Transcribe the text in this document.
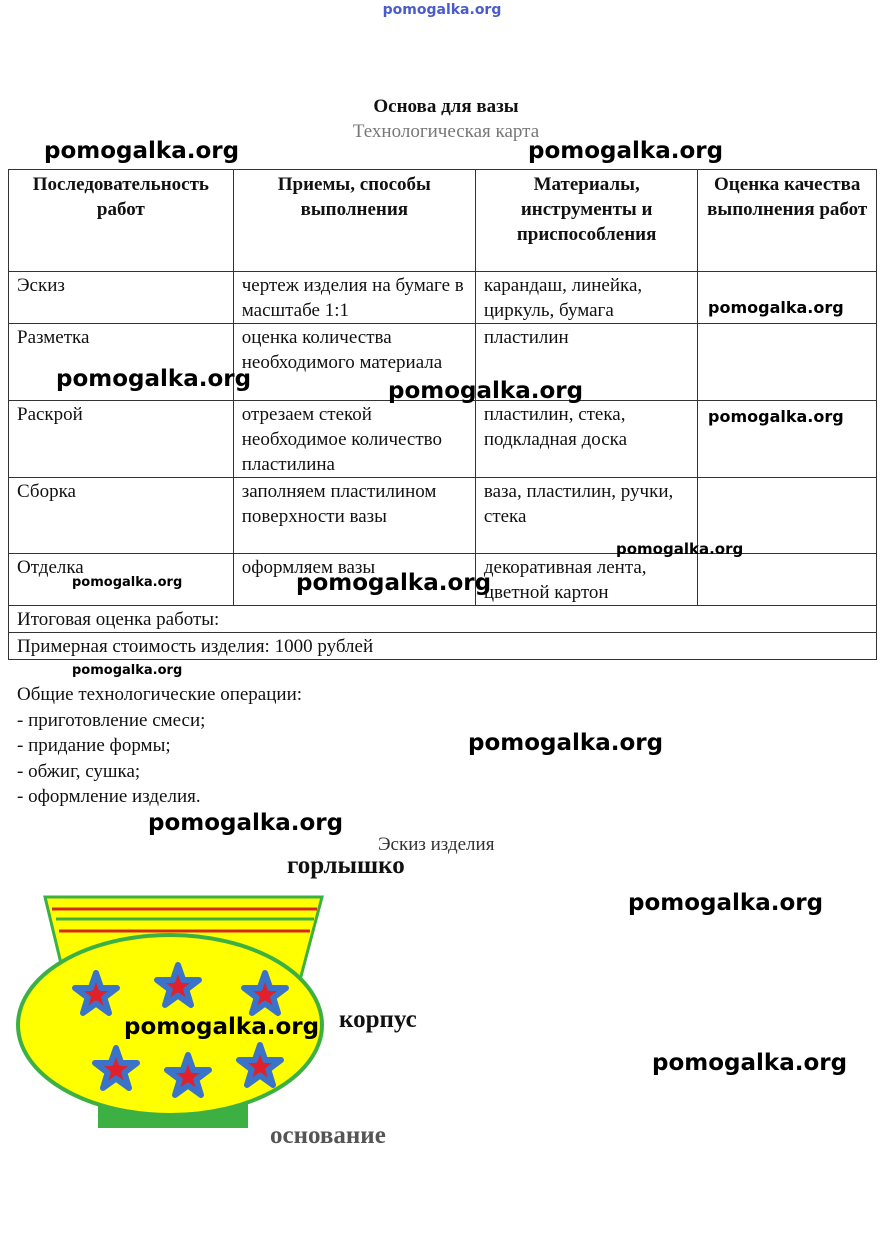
pomogalka.org
Основа для вазы
Технологическая карта
Последовательность работ	Приемы, способы выполнения	Материалы, инструменты и приспособления	Оценка качества выполнения работ
Эскиз	чертеж изделия на бумаге в масштабе 1:1	карандаш, линейка, циркуль, бумага	
Разметка	оценка количества необходимого материала	пластилин	
Раскрой	отрезаем стекой необходимое количество пластилина	пластилин, стека, подкладная доска	
Сборка	заполняем пластилином поверхности вазы	ваза, пластилин, ручки, стека	
Отделка	оформляем вазы	декоративная лента, цветной картон	
Итоговая оценка работы:			
Примерная стоимость изделия: 1000 рублей			
Общие технологические операции:
- приготовление смеси;
- придание формы;
- обжиг, сушка;
- оформление изделия.
Эскиз изделия
горлышко
корпус
основание
pomogalka.org	pomogalka.org
pomogalka.org
pomogalka.org	pomogalka.org
pomogalka.org
pomogalka.org
pomogalka.org	pomogalka.org
pomogalka.org
pomogalka.org
pomogalka.org
pomogalka.org
pomogalka.org
pomogalka.org
